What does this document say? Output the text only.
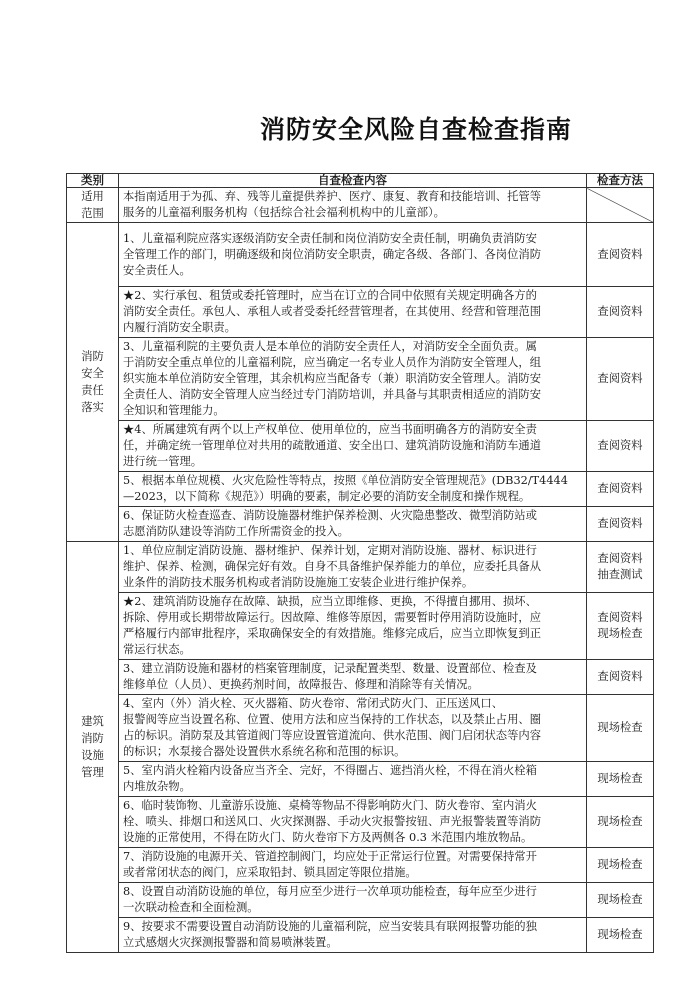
消防安全风险自查检查指南
类别	自查检查内容	检查方法
适用
范围	本指南适用于为孤、弃、残等儿童提供养护、医疗、康复、教育和技能培训、托管等
服务的儿童福利服务机构（包括综合社会福利机构中的儿童部）。	
消防
安全
责任
落实	1、儿童福利院应落实逐级消防安全责任制和岗位消防安全责任制，明确负责消防安
全管理工作的部门，明确逐级和岗位消防安全职责，确定各级、各部门、各岗位消防
安全责任人。	查阅资料
	★2、实行承包、租赁或委托管理时，应当在订立的合同中依照有关规定明确各方的
消防安全责任。承包人、承租人或者受委托经营管理者，在其使用、经营和管理范围
内履行消防安全职责。	查阅资料
	3、儿童福利院的主要负责人是本单位的消防安全责任人，对消防安全全面负责。属
于消防安全重点单位的儿童福利院，应当确定一名专业人员作为消防安全管理人，组
织实施本单位消防安全管理，其余机构应当配备专（兼）职消防安全管理人。消防安
全责任人、消防安全管理人应当经过专门消防培训，并具备与其职责相适应的消防安
全知识和管理能力。	查阅资料
	★4、所属建筑有两个以上产权单位、使用单位的，应当书面明确各方的消防安全责
任，并确定统一管理单位对共用的疏散通道、安全出口、建筑消防设施和消防车通道
进行统一管理。	查阅资料
	5、根据本单位规模、火灾危险性等特点，按照《单位消防安全管理规范》(DB32/T4444
—2023，以下简称《规范》）明确的要素，制定必要的消防安全制度和操作规程。	查阅资料
	6、保证防火检查巡查、消防设施器材维护保养检测、火灾隐患整改、微型消防站或
志愿消防队建设等消防工作所需资金的投入。	查阅资料
建筑
消防
设施
管理	1、单位应制定消防设施、器材维护、保养计划，定期对消防设施、器材、标识进行
维护、保养、检测，确保完好有效。自身不具备维护保养能力的单位，应委托具备从
业条件的消防技术服务机构或者消防设施施工安装企业进行维护保养。	查阅资料
抽查测试
	★2、建筑消防设施存在故障、缺损，应当立即维修、更换，不得擅自挪用、损坏、
拆除、停用或长期带故障运行。因故障、维修等原因，需要暂时停用消防设施时，应
严格履行内部审批程序，采取确保安全的有效措施。维修完成后，应当立即恢复到正
常运行状态。	查阅资料
现场检查
	3、建立消防设施和器材的档案管理制度，记录配置类型、数量、设置部位、检查及
维修单位（人员）、更换药剂时间，故障报告、修理和消除等有关情况。	查阅资料
	4、室内（外）消火栓、灭火器箱、防火卷帘、常闭式防火门、正压送风口、
报警阀等应当设置名称、位置、使用方法和应当保持的工作状态，以及禁止占用、圈
占的标识。消防泵及其管道阀门等应设置管道流向、供水范围、阀门启闭状态等内容
的标识；水泵接合器处设置供水系统名称和范围的标识。	现场检查
	5、室内消火栓箱内设备应当齐全、完好，不得圈占、遮挡消火栓，不得在消火栓箱
内堆放杂物。	现场检查
	6、临时装饰物、儿童游乐设施、桌椅等物品不得影响防火门、防火卷帘、室内消火
栓、喷头、排烟口和送风口、火灾探测器、手动火灾报警按钮、声光报警装置等消防
设施的正常使用，不得在防火门、防火卷帘下方及两侧各 0.3 米范围内堆放物品。	现场检查
	7、消防设施的电源开关、管道控制阀门，均应处于正常运行位置。对需要保持常开
或者常闭状态的阀门，应采取铅封、锁具固定等限位措施。	现场检查
	8、设置自动消防设施的单位，每月应至少进行一次单项功能检查，每年应至少进行
一次联动检查和全面检测。	现场检查
	9、按要求不需要设置自动消防设施的儿童福利院，应当安装具有联网报警功能的独
立式感烟火灾探测报警器和简易喷淋装置。	现场检查
